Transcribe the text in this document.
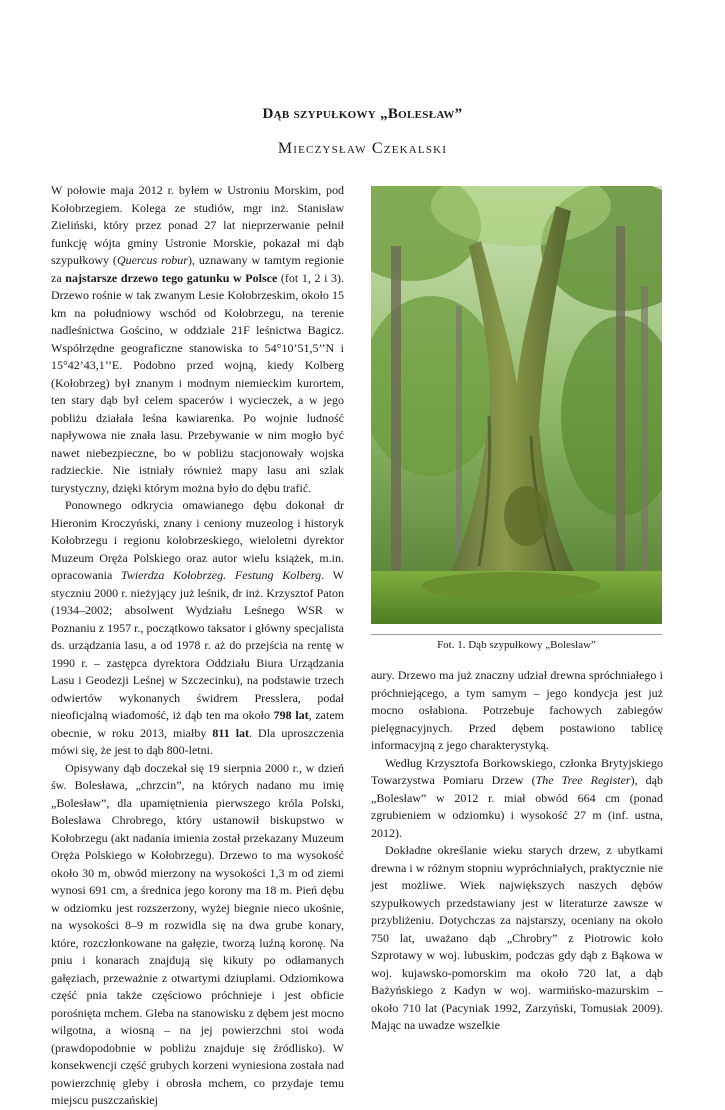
Dąb szypułkowy „Bolesław”
Mieczysław Czekalski

W połowie maja 2012 r. byłem w Ustroniu Morskim, pod Kołobrzegiem. Kolega ze studiów, mgr inż. Stanisław Zieliński, który przez ponad 27 lat nieprzerwanie pełnił funkcję wójta gminy Ustronie Morskie, pokazał mi dąb szypułkowy (Quercus robur), uznawany w tamtym regionie za najstarsze drzewo tego gatunku w Polsce (fot 1, 2 i 3). Drzewo rośnie w tak zwanym Lesie Kołobrzeskim, około 15 km na południowy wschód od Kołobrzegu, na terenie nadleśnictwa Gościno, w oddziale 21F leśnictwa Bagicz. Współrzędne geograficzne stanowiska to 54°10’51,5’’N i 15°42’43,1’’E. Podobno przed wojną, kiedy Kolberg (Kołobrzeg) był znanym i modnym niemieckim kurortem, ten stary dąb był celem spacerów i wycieczek, a w jego pobliżu działała leśna kawiarenka. Po wojnie ludność napływowa nie znała lasu. Przebywanie w nim mogło być nawet niebezpieczne, bo w pobliżu stacjonowały wojska radzieckie. Nie istniały również mapy lasu ani szlak turystyczny, dzięki którym można było do dębu trafić.

Ponownego odkrycia omawianego dębu dokonał dr Hieronim Kroczyński, znany i ceniony muzeolog i historyk Kołobrzegu i regionu kołobrzeskiego, wieloletni dyrektor Muzeum Oręża Polskiego oraz autor wielu książek, m.in. opracowania Twierdza Kołobrzeg. Festung Kolberg. W styczniu 2000 r. nieżyjący już leśnik, dr inż. Krzysztof Paton (1934–2002; absolwent Wydziału Leśnego WSR w Poznaniu z 1957 r., początkowo taksator i główny specjalista ds. urządzania lasu, a od 1978 r. aż do przejścia na rentę w 1990 r. – zastępca dyrektora Oddziału Biura Urządzania Lasu i Geodezji Leśnej w Szczecinku), na podstawie trzech odwiertów wykonanych świdrem Presslera, podał nieoficjalną wiadomość, iż dąb ten ma około 798 lat, zatem obecnie, w roku 2013, miałby 811 lat. Dla uproszczenia mówi się, że jest to dąb 800-letni.

Opisywany dąb doczekał się 19 sierpnia 2000 r., w dzień św. Bolesława, „chrzcin”, na których nadano mu imię „Bolesław”, dla upamiętnienia pierwszego króla Polski, Bolesława Chrobrego, który ustanowił biskupstwo w Kołobrzegu (akt nadania imienia został przekazany Muzeum Oręża Polskiego w Kołobrzegu). Drzewo to ma wysokość około 30 m, obwód mierzony na wysokości 1,3 m od ziemi wynosi 691 cm, a średnica jego korony ma 18 m. Pień dębu w odziomku jest rozszerzony, wyżej biegnie nieco ukośnie, na wysokości 8–9 m rozwidla się na dwa grube konary, które, rozczłonkowane na gałęzie, tworzą luźną koronę. Na pniu i konarach znajdują się kikuty po odłamanych gałęziach, przeważnie z otwartymi dziuplami. Odziomkowa część pnia także częściowo próchnieje i jest obficie porośnięta mchem. Gleba na stanowisku z dębem jest mocno wilgotna, a wiosną – na jej powierzchni stoi woda (prawdopodobnie w pobliżu znajduje się źródlisko). W konsekwencji część grubych korzeni wyniesiona została nad powierzchnię gleby i obrosła mchem, co przydaje temu miejscu puszczańskiej

Fot. 1. Dąb szypułkowy „Bolesław”

aury. Drzewo ma już znaczny udział drewna spróchniałego i próchniejącego, a tym samym – jego kondycja jest już mocno osłabiona. Potrzebuje fachowych zabiegów pielęgnacyjnych. Przed dębem postawiono tablicę informacyjną z jego charakterystyką.

Według Krzysztofa Borkowskiego, członka Brytyjskiego Towarzystwa Pomiaru Drzew (The Tree Register), dąb „Bolesław” w 2012 r. miał obwód 664 cm (ponad zgrubieniem w odziomku) i wysokość 27 m (inf. ustna, 2012).

Dokładne określanie wieku starych drzew, z ubytkami drewna i w różnym stopniu wypróchniałych, praktycznie nie jest możliwe. Wiek największych naszych dębów szypułkowych przedstawiany jest w literaturze zawsze w przybliżeniu. Dotychczas za najstarszy, oceniany na około 750 lat, uważano dąb „Chrobry” z Piotrowic koło Szprotawy w woj. lubuskim, podczas gdy dąb z Bąkowa w woj. kujawsko-pomorskim ma około 720 lat, a dąb Bażyńskiego z Kadyn w woj. warmińsko-mazurskim – około 710 lat (Pacyniak 1992, Zarzyński, Tomusiak 2009). Mając na uwadze wszelkie
